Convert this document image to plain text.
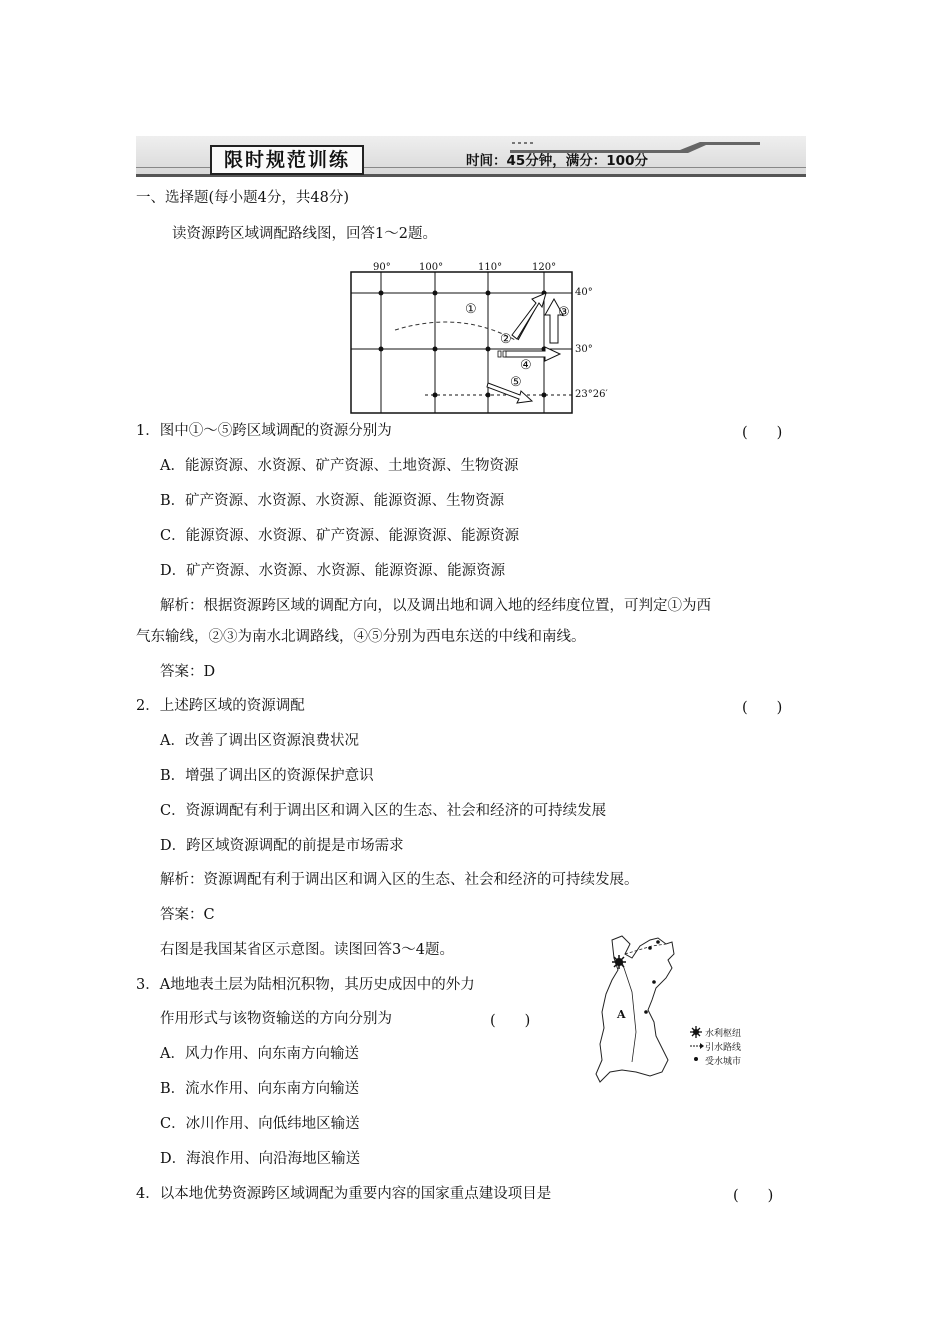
限时规范训练	时间：45分钟，满分：100分
一、选择题(每小题4分，共48分)
读资源跨区域调配路线图，回答1～2题。
90°	100°	110°	120°
40°
30°
23°26′
①
②
③
④
⑤
1．图中①～⑤跨区域调配的资源分别为	(　　)
A．能源资源、水资源、矿产资源、土地资源、生物资源
B．矿产资源、水资源、水资源、能源资源、生物资源
C．能源资源、水资源、矿产资源、能源资源、能源资源
D．矿产资源、水资源、水资源、能源资源、能源资源
解析：根据资源跨区域的调配方向，以及调出地和调入地的经纬度位置，可判定①为西
气东输线，②③为南水北调路线，④⑤分别为西电东送的中线和南线。
答案：D
2．上述跨区域的资源调配	(　　)
A．改善了调出区资源浪费状况
B．增强了调出区的资源保护意识
C．资源调配有利于调出区和调入区的生态、社会和经济的可持续发展
D．跨区域资源调配的前提是市场需求
解析：资源调配有利于调出区和调入区的生态、社会和经济的可持续发展。
答案：C
右图是我国某省区示意图。读图回答3～4题。
A
水利枢纽
引水路线
受水城市
3．A地地表土层为陆相沉积物，其历史成因中的外力
作用形式与该物资输送的方向分别为	(　　)
A．风力作用、向东南方向输送
B．流水作用、向东南方向输送
C．冰川作用、向低纬地区输送
D．海浪作用、向沿海地区输送
4．以本地优势资源跨区域调配为重要内容的国家重点建设项目是	(　　)
